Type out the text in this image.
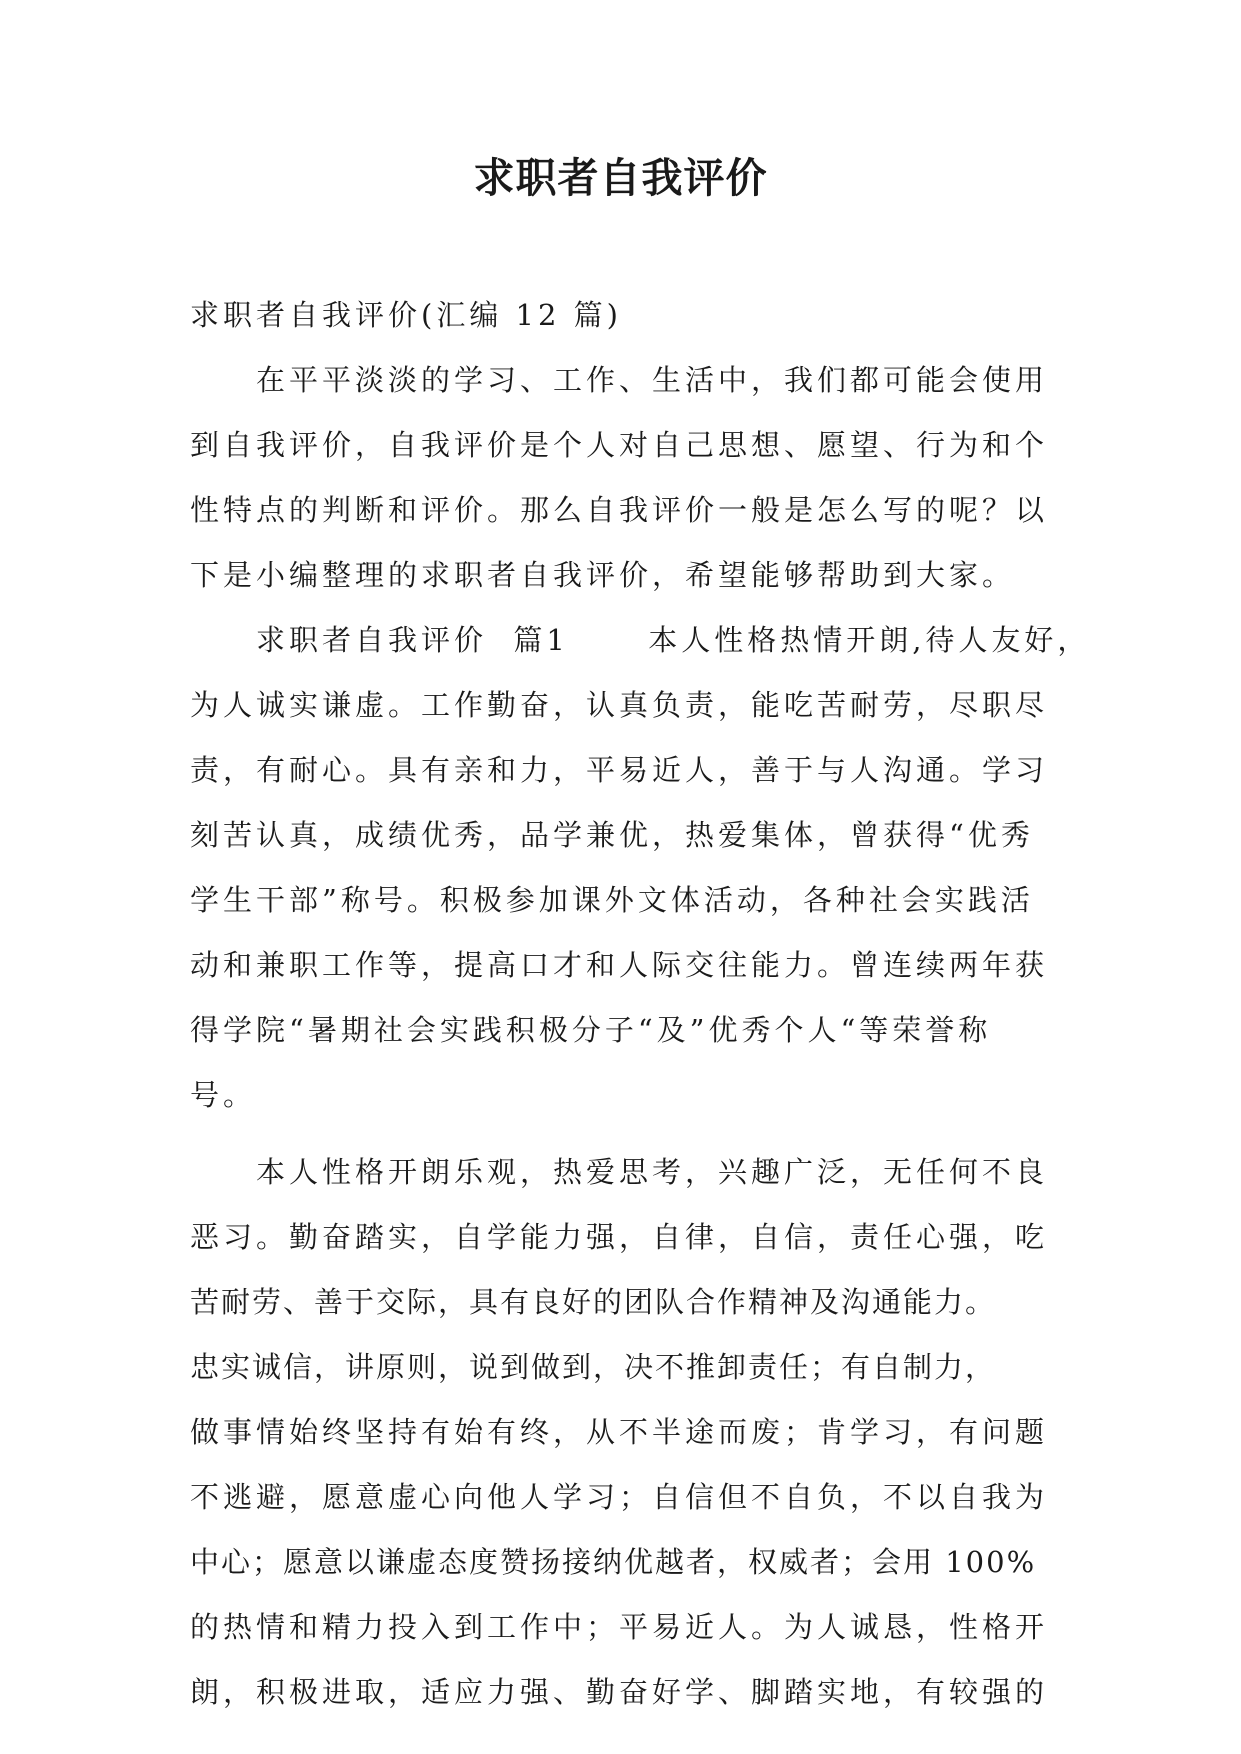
求职者自我评价
求职者自我评价(汇编 12 篇)
在平平淡淡的学习、工作、生活中，我们都可能会使用
到自我评价，自我评价是个人对自己思想、愿望、行为和个
性特点的判断和评价。那么自我评价一般是怎么写的呢？以
下是小编整理的求职者自我评价，希望能够帮助到大家。
求职者自我评价  篇1      本人性格热情开朗,待人友好，
为人诚实谦虚。工作勤奋，认真负责，能吃苦耐劳，尽职尽
责，有耐心。具有亲和力，平易近人，善于与人沟通。学习
刻苦认真，成绩优秀，品学兼优，热爱集体，曾获得“优秀
学生干部”称号。积极参加课外文体活动，各种社会实践活
动和兼职工作等，提高口才和人际交往能力。曾连续两年获
得学院“暑期社会实践积极分子“及”优秀个人“等荣誉称
号。
本人性格开朗乐观，热爱思考，兴趣广泛，无任何不良
恶习。勤奋踏实，自学能力强，自律，自信，责任心强，吃
苦耐劳、善于交际，具有良好的团队合作精神及沟通能力。
忠实诚信，讲原则，说到做到，决不推卸责任；有自制力，
做事情始终坚持有始有终，从不半途而废；肯学习，有问题
不逃避，愿意虚心向他人学习；自信但不自负，不以自我为
中心；愿意以谦虚态度赞扬接纳优越者，权威者；会用 100%
的热情和精力投入到工作中；平易近人。为人诚恳，性格开
朗，积极进取，适应力强、勤奋好学、脚踏实地，有较强的
